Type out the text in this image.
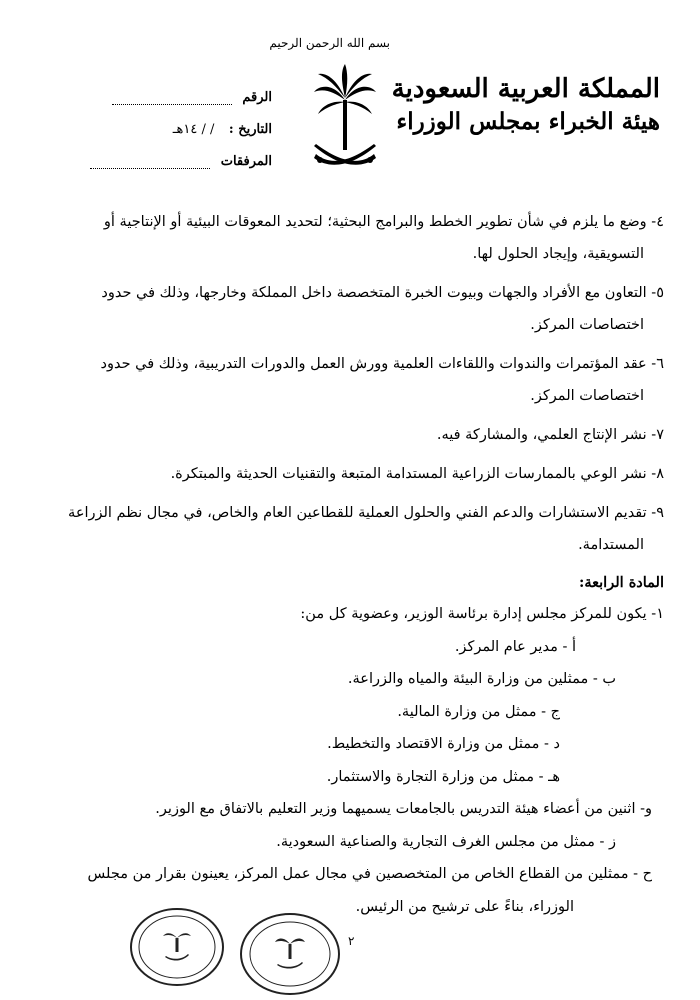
المملكة العربية السعودية
هيئة الخبراء بمجلس الوزراء
بسم الله الرحمن الرحيم
الرقم
التاريخ : / / ١٤هـ
المرفقات
٤- وضع ما يلزم في شأن تطوير الخطط والبرامج البحثية؛ لتحديد المعوقات البيئية أو الإنتاجية أو
التسويقية، وإيجاد الحلول لها.
٥- التعاون مع الأفراد والجهات وبيوت الخبرة المتخصصة داخل المملكة وخارجها، وذلك في حدود
اختصاصات المركز.
٦- عقد المؤتمرات والندوات واللقاءات العلمية وورش العمل والدورات التدريبية، وذلك في حدود
اختصاصات المركز.
٧- نشر الإنتاج العلمي، والمشاركة فيه.
٨- نشر الوعي بالممارسات الزراعية المستدامة المتبعة والتقنيات الحديثة والمبتكرة.
٩- تقديم الاستشارات والدعم الفني والحلول العملية للقطاعين العام والخاص، في مجال نظم الزراعة
المستدامة.
المادة الرابعة:
١- يكون للمركز مجلس إدارة برئاسة الوزير، وعضوية كل من:
أ - مدير عام المركز.
ب - ممثلين من وزارة البيئة والمياه والزراعة.
ج - ممثل من وزارة المالية.
د - ممثل من وزارة الاقتصاد والتخطيط.
هـ - ممثل من وزارة التجارة والاستثمار.
و- اثنين من أعضاء هيئة التدريس بالجامعات يسميهما وزير التعليم بالاتفاق مع الوزير.
ز - ممثل من مجلس الغرف التجارية والصناعية السعودية.
ح - ممثلين من القطاع الخاص من المتخصصين في مجال عمل المركز، يعينون بقرار من مجلس
الوزراء، بناءً على ترشيح من الرئيس.
٢
